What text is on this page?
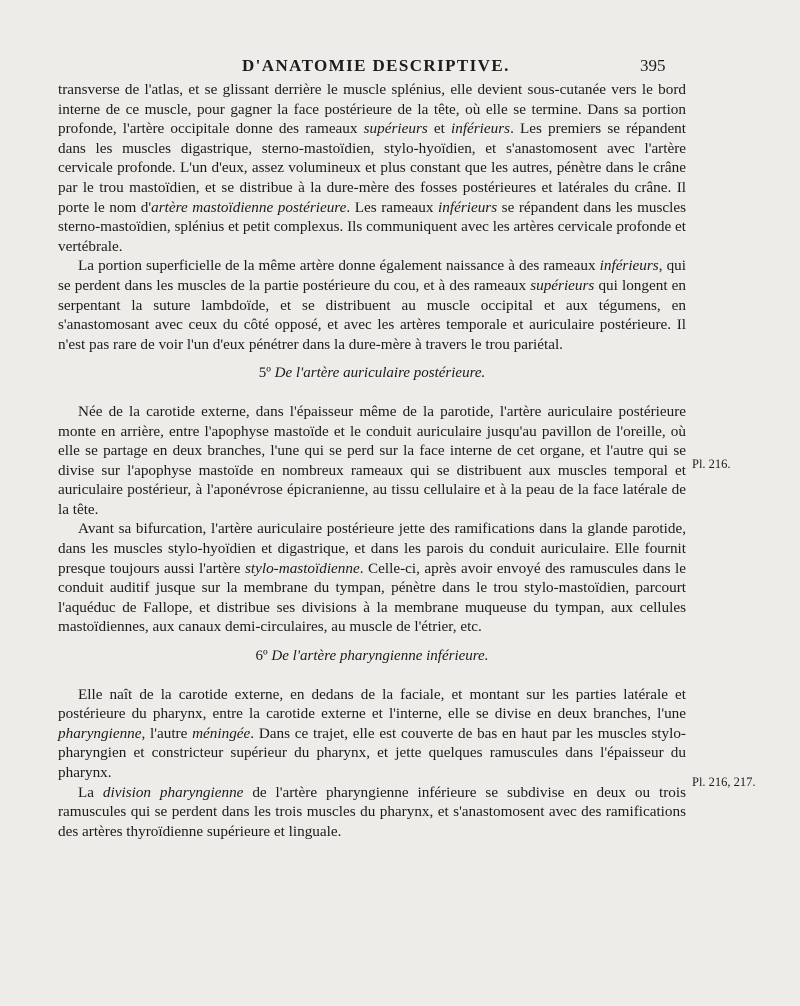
D'ANATOMIE DESCRIPTIVE.	395

transverse de l'atlas, et se glissant derrière le muscle splénius, elle devient sous-cutanée vers le bord interne de ce muscle, pour gagner la face postérieure de la tête, où elle se termine. Dans sa portion profonde, l'artère occipitale donne des rameaux supérieurs et inférieurs. Les premiers se répandent dans les muscles digastrique, sterno-mastoïdien, stylo-hyoïdien, et s'anastomosent avec l'artère cervicale profonde. L'un d'eux, assez volumineux et plus constant que les autres, pénètre dans le crâne par le trou mastoïdien, et se distribue à la dure-mère des fosses postérieures et latérales du crâne. Il porte le nom d'artère mastoïdienne postérieure. Les rameaux inférieurs se répandent dans les muscles sterno-mastoïdien, splénius et petit complexus. Ils communiquent avec les artères cervicale profonde et vertébrale.

La portion superficielle de la même artère donne également naissance à des rameaux inférieurs, qui se perdent dans les muscles de la partie postérieure du cou, et à des rameaux supérieurs qui longent en serpentant la suture lambdoïde, et se distribuent au muscle occipital et aux tégumens, en s'anastomosant avec ceux du côté opposé, et avec les artères temporale et auriculaire postérieure. Il n'est pas rare de voir l'un d'eux pénétrer dans la dure-mère à travers le trou pariétal.

5º De l'artère auriculaire postérieure.

Née de la carotide externe, dans l'épaisseur même de la parotide, l'artère auriculaire postérieure monte en arrière, entre l'apophyse mastoïde et le conduit auriculaire jusqu'au pavillon de l'oreille, où elle se partage en deux branches, l'une qui se perd sur la face interne de cet organe, et l'autre qui se divise sur l'apophyse mastoïde en nombreux rameaux qui se distribuent aux muscles temporal et auriculaire postérieur, à l'aponévrose épicranienne, au tissu cellulaire et à la peau de la face latérale de la tête.

Avant sa bifurcation, l'artère auriculaire postérieure jette des ramifications dans la glande parotide, dans les muscles stylo-hyoïdien et digastrique, et dans les parois du conduit auriculaire. Elle fournit presque toujours aussi l'artère stylo-mastoïdienne. Celle-ci, après avoir envoyé des ramuscules dans le conduit auditif jusque sur la membrane du tympan, pénètre dans le trou stylo-mastoïdien, parcourt l'aquéduc de Fallope, et distribue ses divisions à la membrane muqueuse du tympan, aux cellules mastoïdiennes, aux canaux demi-circulaires, au muscle de l'étrier, etc.

6º De l'artère pharyngienne inférieure.

Elle naît de la carotide externe, en dedans de la faciale, et montant sur les parties latérale et postérieure du pharynx, entre la carotide externe et l'interne, elle se divise en deux branches, l'une pharyngienne, l'autre méningée. Dans ce trajet, elle est couverte de bas en haut par les muscles stylo-pharyngien et constricteur supérieur du pharynx, et jette quelques ramuscules dans l'épaisseur du pharynx.

La division pharyngienne de l'artère pharyngienne inférieure se subdivise en deux ou trois ramuscules qui se perdent dans les trois muscles du pharynx, et s'anastomosent avec des ramifications des artères thyroïdienne supérieure et linguale.

Pl. 216.
Pl. 216, 217.
